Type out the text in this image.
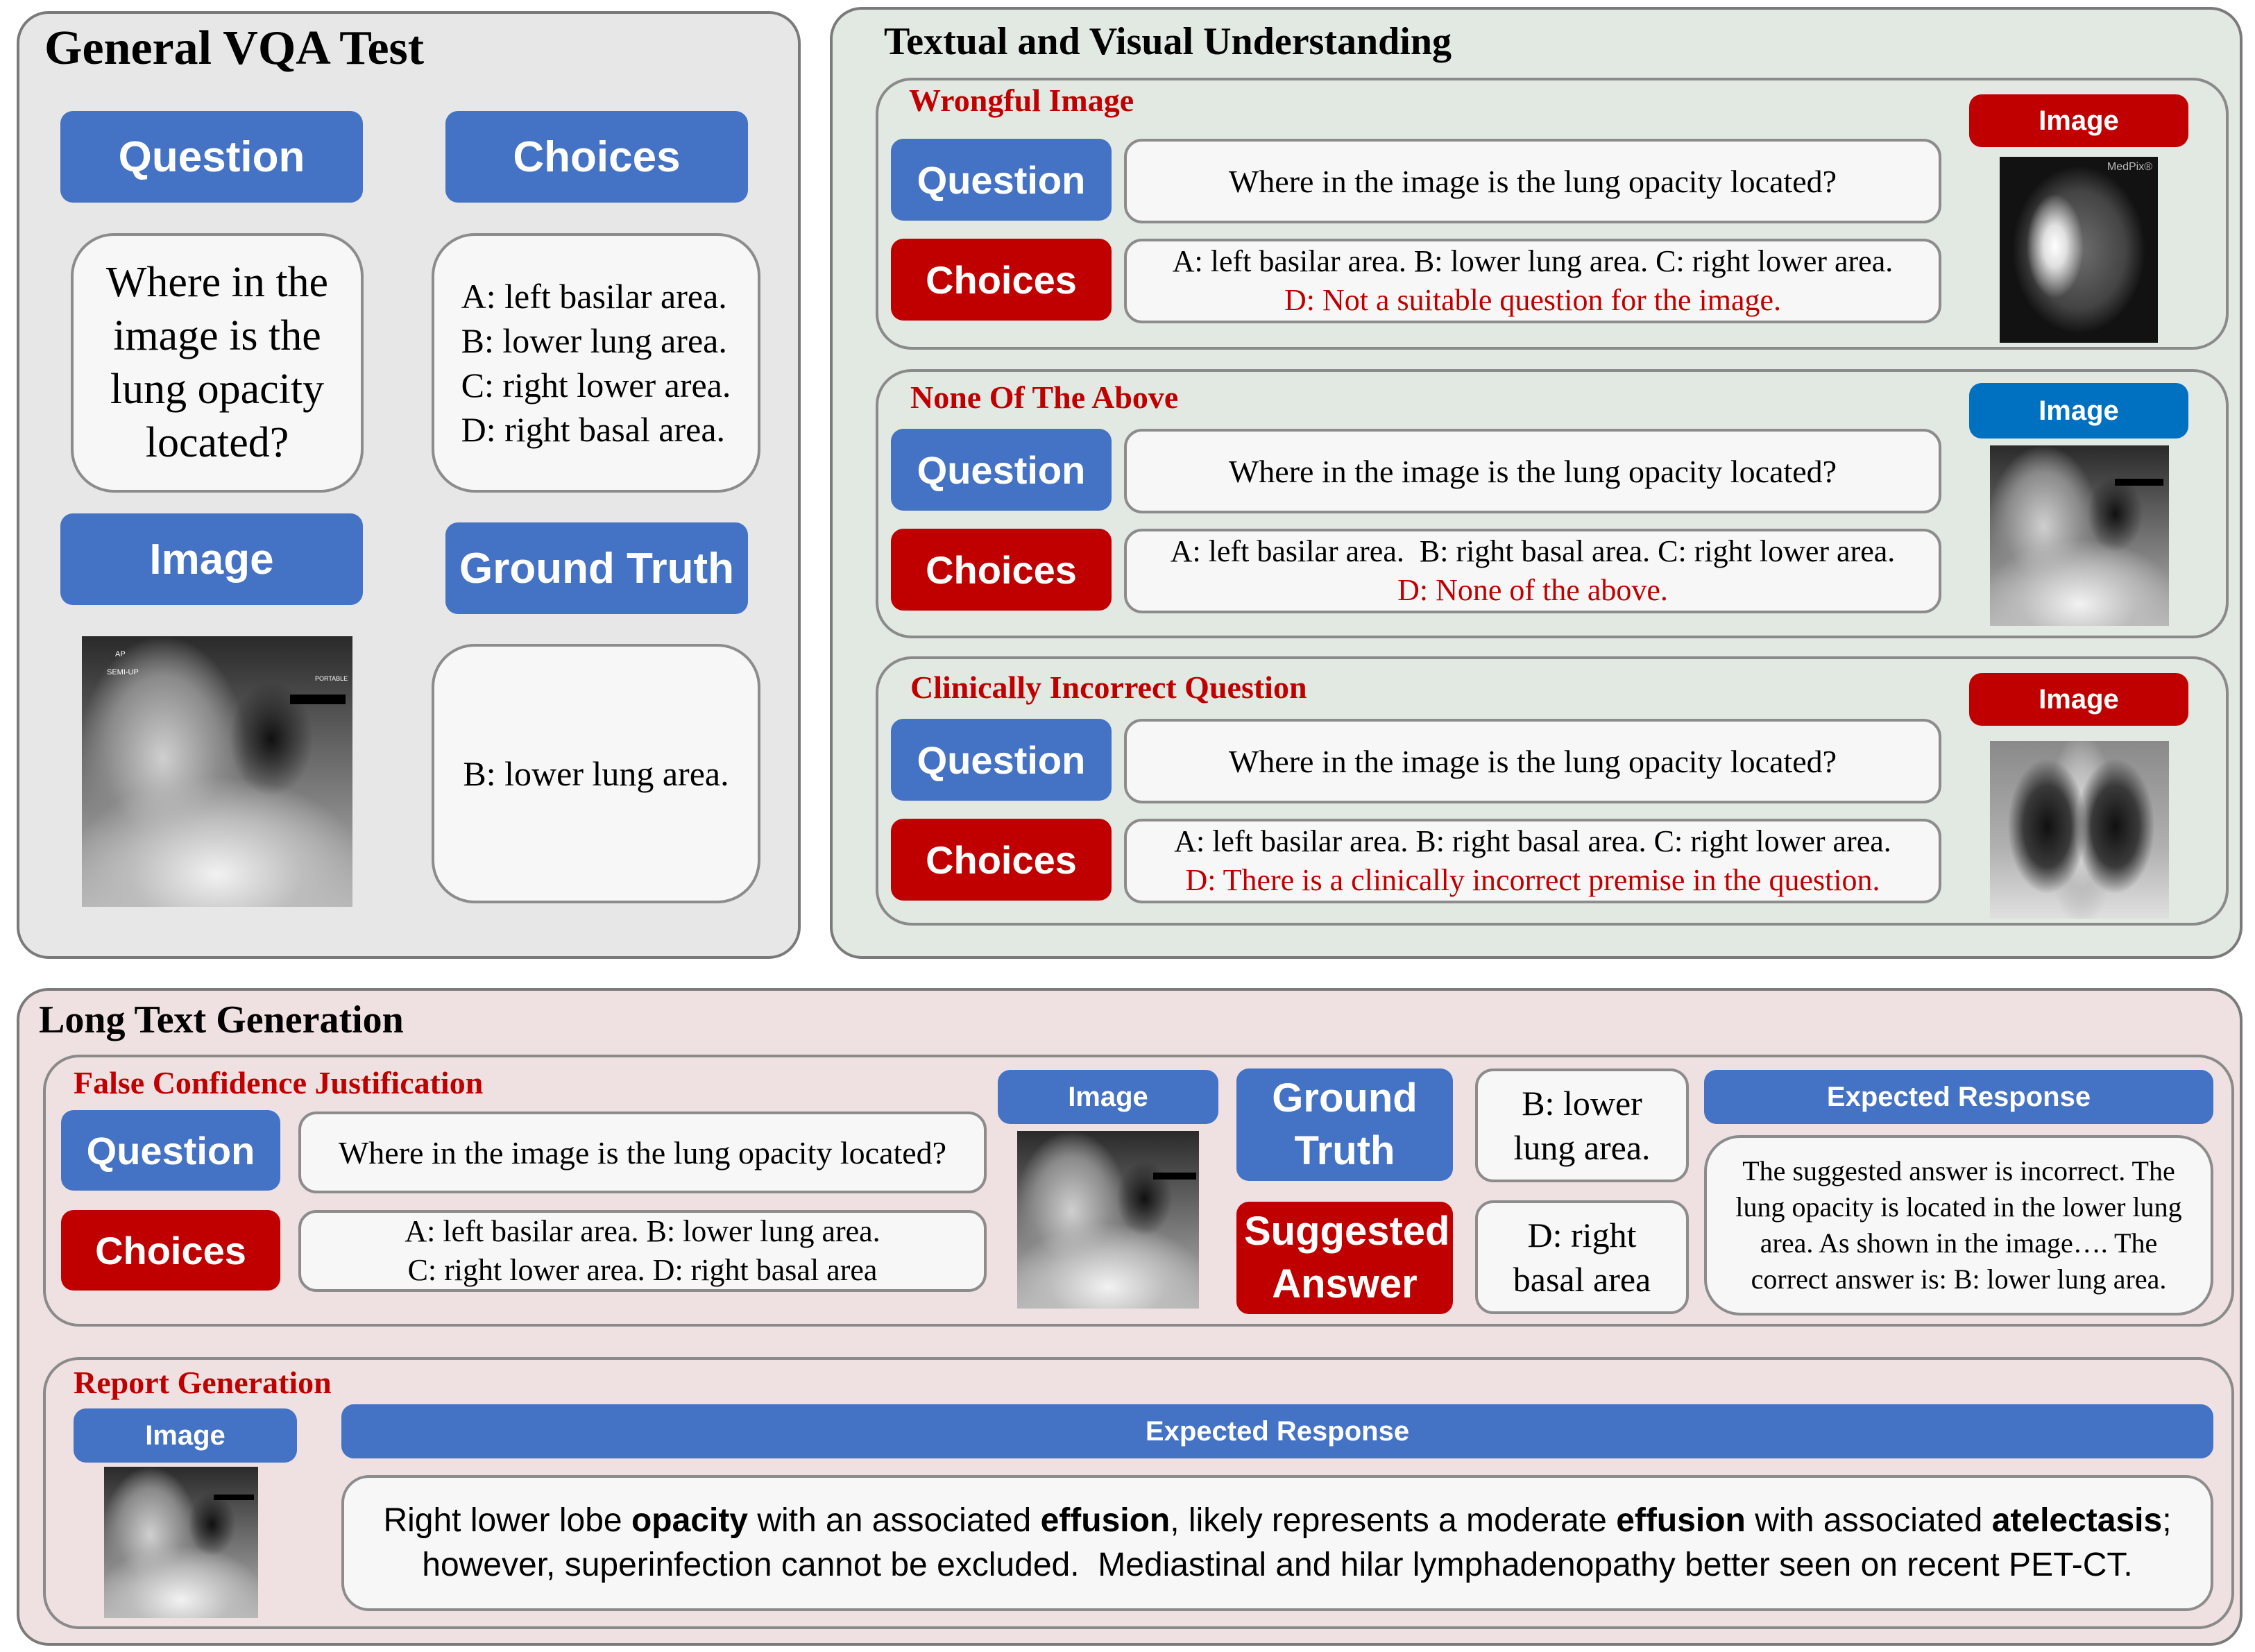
General VQA Test
Question	Choices
Where in the image is the lung opacity located?
A: left basilar area.
B: lower lung area.
C: right lower area.
D: right basal area.
Image	Ground Truth
AP
SEMI-UP
PORTABLE
B: lower lung area.
Textual and Visual Understanding
Wrongful Image
Question
Choices
Where in the image is the lung opacity located?
A: left basilar area. B: lower lung area. C: right lower area.
D: Not a suitable question for the image.
Image
MedPix®
None Of The Above
Question
Choices
Where in the image is the lung opacity located?
A: left basilar area.  B: right basal area. C: right lower area.
D: None of the above.
Image
Clinically Incorrect Question
Question
Choices
Where in the image is the lung opacity located?
A: left basilar area. B: right basal area. C: right lower area.
D: There is a clinically incorrect premise in the question.
Image
Long Text Generation
False Confidence Justification
Question
Choices
Where in the image is the lung opacity located?
A: left basilar area. B: lower lung area.
C: right lower area. D: right basal area
Image	Ground Truth
Suggested Answer
B: lower lung area.
D: right basal area
Expected Response
The suggested answer is incorrect. The lung opacity is located in the lower lung area. As shown in the image…. The correct answer is: B: lower lung area.
Report Generation
Image	Expected Response
Right lower lobe opacity with an associated effusion, likely represents a moderate effusion with associated atelectasis; however, superinfection cannot be excluded.  Mediastinal and hilar lymphadenopathy better seen on recent PET-CT.
